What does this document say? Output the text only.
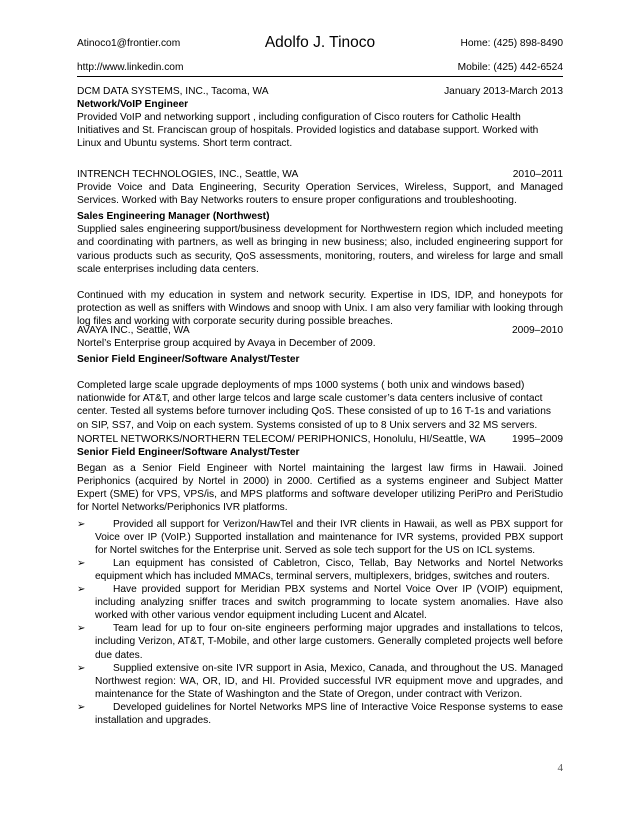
Atinoco1@frontier.com	Adolfo J. Tinoco	Home: (425) 898-8490
http://www.linkedin.com	Mobile: (425) 442-6524
DCM DATA SYSTEMS, INC., Tacoma, WA	January 2013-March 2013
Network/VoIP Engineer

Provided VoIP and networking support , including configuration of Cisco routers for Catholic Health Initiatives and St. Franciscan group of hospitals. Provided logistics and database support. Worked with Linux and Ubuntu systems. Short term contract.

INTRENCH TECHNOLOGIES, INC., Seattle, WA	2010–2011

Provide Voice and Data Engineering, Security Operation Services, Wireless, Support, and Managed Services. Worked with Bay Networks routers to ensure proper configurations and troubleshooting.

Sales Engineering Manager (Northwest)

Supplied sales engineering support/business development for Northwestern region which included meeting and coordinating with partners, as well as bringing in new business; also, included engineering support for various products such as security, QoS assessments, monitoring, routers, and wireless for large and small scale enterprises including data centers.

Continued with my education in system and network security. Expertise in IDS, IDP, and honeypots for protection as well as sniffers with Windows and snoop with Unix. I am also very familiar with looking through log files and working with corporate security during possible breaches.

AVAYA INC., Seattle, WA	2009–2010

Nortel’s Enterprise group acquired by Avaya in December of 2009.

Senior Field Engineer/Software Analyst/Tester

Completed large scale upgrade deployments of mps 1000 systems ( both unix and windows based) nationwide for AT&T, and other large telcos and large scale customer’s data centers inclusive of contact center. Tested all systems before turnover including QoS. These consisted of up to 16 T-1s and variations on SIP, SS7, and Voip on each system. Systems consisted of up to 8 Unix servers and 32 MS servers.

NORTEL NETWORKS/NORTHERN TELECOM/ PERIPHONICS, Honolulu, HI/Seattle, WA	1995–2009
Senior Field Engineer/Software Analyst/Tester

Began as a Senior Field Engineer with Nortel maintaining the largest law firms in Hawaii. Joined Periphonics (acquired by Nortel in 2000) in 2000. Certified as a systems engineer and Subject Matter Expert (SME) for VPS, VPS/is, and MPS platforms and software developer utilizing PeriPro and PeriStudio for Nortel Networks/Periphonics IVR platforms.

➢	Provided all support for Verizon/HawTel and their IVR clients in Hawaii, as well as PBX support for Voice over IP (VoIP.) Supported installation and maintenance for IVR systems, provided PBX support for Nortel switches for the Enterprise unit. Served as sole tech support for the US on ICL systems.
➢	Lan equipment has consisted of Cabletron, Cisco, Tellab, Bay Networks and Nortel Networks equipment which has included MMACs, terminal servers, multiplexers, bridges, switches and routers.
➢	Have provided support for Meridian PBX systems and Nortel Voice Over IP (VOIP) equipment, including analyzing sniffer traces and switch programming to locate system anomalies. Have also worked with other various vendor equipment including Lucent and Alcatel.
➢	Team lead for up to four on-site engineers performing major upgrades and installations to telcos, including Verizon, AT&T, T-Mobile, and other large customers. Generally completed projects well before due dates.
➢	Supplied extensive on-site IVR support in Asia, Mexico, Canada, and throughout the US. Managed Northwest region: WA, OR, ID, and HI. Provided successful IVR equipment move and upgrades, and maintenance for the State of Washington and the State of Oregon, under contract with Verizon.
➢	Developed guidelines for Nortel Networks MPS line of Interactive Voice Response systems to ease installation and upgrades.
4
